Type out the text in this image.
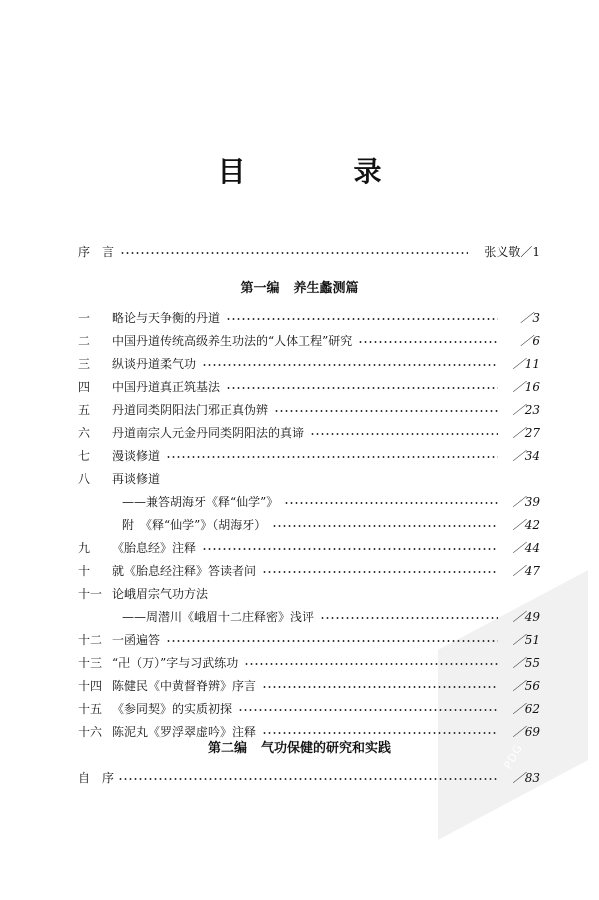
PDG
目　录
序　言	张义敬／1
第一编 养生蠡测篇
一 略论与天争衡的丹道	／3
二 中国丹道传统高级养生功法的“人体工程”研究	／6
三 纵谈丹道柔气功	／11
四 中国丹道真正筑基法	／16
五 丹道同类阴阳法门邪正真伪辨	／23
六 丹道南宗人元金丹同类阴阳法的真谛	／27
七 漫谈修道	／34
八 再谈修道
——兼答胡海牙《释“仙学”》	／39
附　《释“仙学”》（胡海牙）	／42
九 《胎息经》注释	／44
十 就《胎息经注释》答读者问	／47
十一 论峨眉宗气功方法
——周潜川《峨眉十二庄释密》浅评	／49
十二 一函遍答	／51
十三 “卍（万）”字与习武练功	／55
十四 陈健民《中黄督脊辨》序言	／56
十五 《参同契》的实质初探	／62
十六 陈泥丸《罗浮翠虚吟》注释	／69
第二编 气功保健的研究和实践
自　序	／83
